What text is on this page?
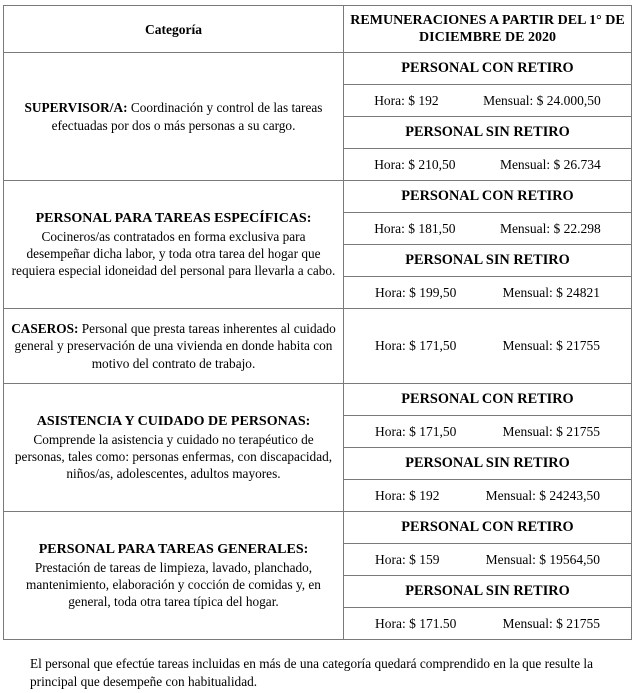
Categoría	REMUNERACIONES A PARTIR DEL 1° DE DICIEMBRE DE 2020
SUPERVISOR/A: Coordinación y control de las tareas efectuadas por dos o más personas a su cargo.	PERSONAL CON RETIRO

	Hora: $ 192 Mensual: $ 24.000,50

	PERSONAL SIN RETIRO

	Hora: $ 210,50 Mensual: $ 26.734

PERSONAL PARA TAREAS ESPECÍFICAS:
Cocineros/as contratados en forma exclusiva para desempeñar dicha labor, y toda otra tarea del hogar que requiera especial idoneidad del personal para llevarla a cabo.	PERSONAL CON RETIRO

	Hora: $ 181,50 Mensual: $ 22.298

	PERSONAL SIN RETIRO

	Hora: $ 199,50 Mensual: $ 24821

CASEROS: Personal que presta tareas inherentes al cuidado general y preservación de una vivienda en donde habita con motivo del contrato de trabajo.	Hora: $ 171,50 Mensual: $ 21755

ASISTENCIA Y CUIDADO DE PERSONAS:
Comprende la asistencia y cuidado no terapéutico de personas, tales como: personas enfermas, con discapacidad, niños/as, adolescentes, adultos mayores.	PERSONAL CON RETIRO

	Hora: $ 171,50 Mensual: $ 21755

	PERSONAL SIN RETIRO

	Hora: $ 192 Mensual: $ 24243,50

PERSONAL PARA TAREAS GENERALES:
Prestación de tareas de limpieza, lavado, planchado, mantenimiento, elaboración y cocción de comidas y, en general, toda otra tarea típica del hogar.	PERSONAL CON RETIRO

	Hora: $ 159 Mensual: $ 19564,50

	PERSONAL SIN RETIRO

	Hora: $ 171.50 Mensual: $ 21755
El personal que efectúe tareas incluidas en más de una categoría quedará comprendido en la que resulte la principal que desempeñe con habitualidad.
